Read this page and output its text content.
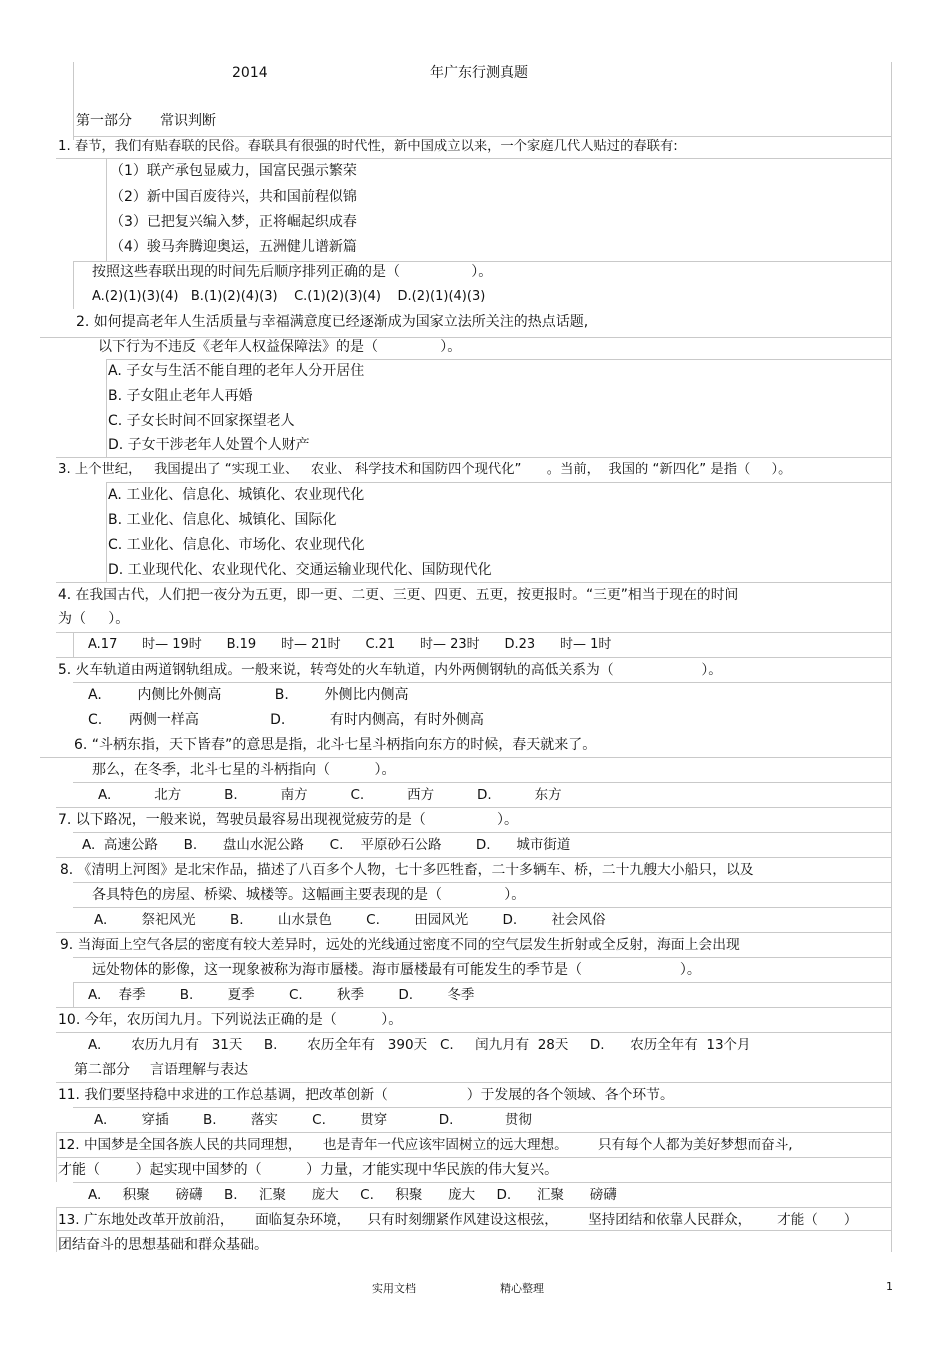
2014	年广东行测真题
第一部分 常识判断
1. 春节，我们有贴春联的民俗。春联具有很强的时代性，新中国成立以来，一个家庭几代人贴过的春联有:
（1）联产承包显威力，国富民强示繁荣
（2）新中国百废待兴，共和国前程似锦
（3）已把复兴编入梦，正将崛起织成春
（4）骏马奔腾迎奥运，五洲健儿谱新篇
按照这些春联出现的时间先后顺序排列正确的是（                ）。
A.(2)(1)(3)(4)   B.(1)(2)(4)(3)    C.(1)(2)(3)(4)    D.(2)(1)(4)(3)
2. 如何提高老年人生活质量与幸福满意度已经逐渐成为国家立法所关注的热点话题,
以下行为不违反《老年人权益保障法》的是（              ）。
A. 子女与生活不能自理的老年人分开居住
B. 子女阻止老年人再婚
C. 子女长时间不回家探望老人
D. 子女干涉老年人处置个人财产
3. 上个世纪，   我国提出了 “实现工业、   农业、 科学技术和国防四个现代化”      。当前，  我国的 “新四化” 是指（     ）。
A. 工业化、信息化、城镇化、农业现代化
B. 工业化、信息化、城镇化、国际化
C. 工业化、信息化、市场化、农业现代化
D. 工业现代化、农业现代化、交通运输业现代化、国防现代化
4. 在我国古代，人们把一夜分为五更，即一更、二更、三更、四更、五更，按更报时。“三更”相当于现在的时间
为（     ）。
A.17      时— 19时      B.19      时— 21时      C.21      时— 23时      D.23      时— 1时
5. 火车轨道由两道钢轨组成。一般来说，转弯处的火车轨道，内外两侧钢轨的高低关系为（                    ）。
A.        内侧比外侧高            B.        外侧比内侧高
C.      两侧一样高                D.          有时内侧高，有时外侧高
6. “斗柄东指，天下皆春”的意思是指，北斗七星斗柄指向东方的时候，春天就来了。
那么，在冬季，北斗七星的斗柄指向（          ）。
A.          北方          B.          南方          C.          西方          D.          东方
7. 以下路况，一般来说，驾驶员最容易出现视觉疲劳的是（                ）。
A.  高速公路      B.      盘山水泥公路      C.    平原砂石公路        D.      城市街道
8. 《清明上河图》是北宋作品，描述了八百多个人物，七十多匹牲畜，二十多辆车、桥，二十九艘大小船只，以及
各具特色的房屋、桥梁、城楼等。这幅画主要表现的是（              ）。
A.        祭祀风光        B.        山水景色        C.        田园风光        D.        社会风俗
9. 当海面上空气各层的密度有较大差异时，远处的光线通过密度不同的空气层发生折射或全反射，海面上会出现
远处物体的影像，这一现象被称为海市蜃楼。海市蜃楼最有可能发生的季节是（                      ）。
A.    春季        B.        夏季        C.        秋季        D.        冬季
10. 今年，农历闰九月。下列说法正确的是（          ）。
A.       农历九月有   31天     B.       农历全年有   390天   C.     闰九月有  28天     D.      农历全年有  13个月
第二部分 言语理解与表达
11. 我们要坚持稳中求进的工作总基调，把改革创新（                  ）于发展的各个领域、各个环节。
A.        穿插        B.        落实        C.        贯穿            D.            贯彻
12. 中国梦是全国各族人民的共同理想，     也是青年一代应该牢固树立的远大理想。       只有每个人都为美好梦想而奋斗,
才能（        ）起实现中国梦的（          ）力量，才能实现中华民族的伟大复兴。
A.     积聚      磅礴     B.     汇聚      庞大     C.     积聚      庞大     D.      汇聚      磅礴
13. 广东地处改革开放前沿，     面临复杂环境，    只有时刻绷紧作风建设这根弦，       坚持团结和依靠人民群众，      才能（      ）
团结奋斗的思想基础和群众基础。
实用文档	精心整理	1
